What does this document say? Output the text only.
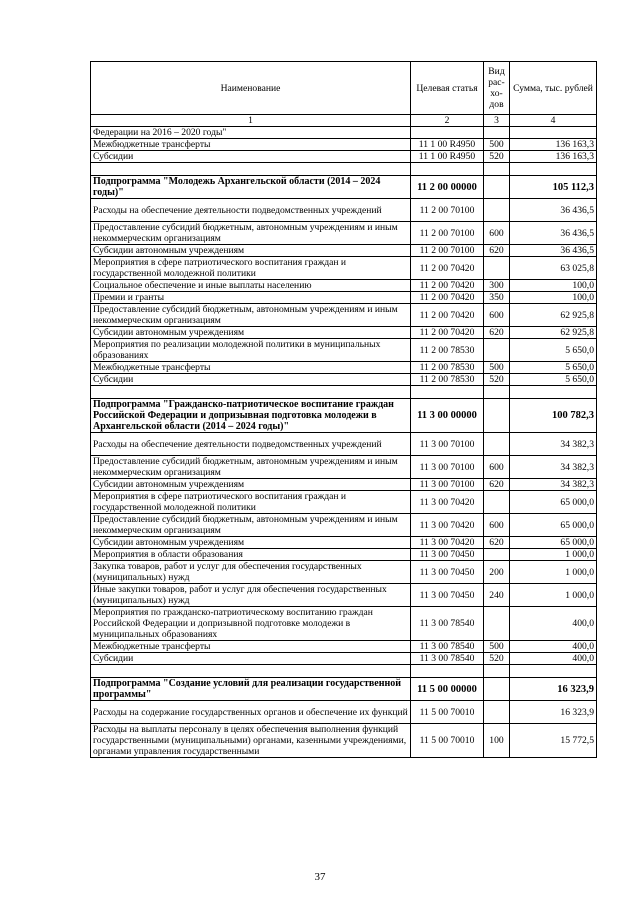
Наименование	Целевая статья	Вид рас-хо-дов	Сумма, тыс. рублей
1	2	3	4
Федерации на 2016 – 2020 годы"			
Межбюджетные трансферты	11 1 00 R4950	500	136 163,3
Субсидии	11 1 00 R4950	520	136 163,3

Подпрограмма "Молодежь Архангельской области (2014 – 2024 годы)"	11 2 00 00000		105 112,3
Расходы на обеспечение деятельности подведомственных учреждений	11 2 00 70100		36 436,5
Предоставление субсидий бюджетным, автономным учреждениям и иным некоммерческим организациям	11 2 00 70100	600	36 436,5
Субсидии автономным учреждениям	11 2 00 70100	620	36 436,5
Мероприятия в сфере патриотического воспитания граждан и государственной молодежной политики	11 2 00 70420		63 025,8
Социальное обеспечение и иные выплаты населению	11 2 00 70420	300	100,0
Премии и гранты	11 2 00 70420	350	100,0
Предоставление субсидий бюджетным, автономным учреждениям и иным некоммерческим организациям	11 2 00 70420	600	62 925,8
Субсидии автономным учреждениям	11 2 00 70420	620	62 925,8
Мероприятия по реализации молодежной политики в муниципальных образованиях	11 2 00 78530		5 650,0
Межбюджетные трансферты	11 2 00 78530	500	5 650,0
Субсидии	11 2 00 78530	520	5 650,0

Подпрограмма "Гражданско-патриотическое воспитание граждан Российской Федерации и допризывная подготовка молодежи в Архангельской области (2014 – 2024 годы)"	11 3 00 00000		100 782,3
Расходы на обеспечение деятельности подведомственных учреждений	11 3 00 70100		34 382,3
Предоставление субсидий бюджетным, автономным учреждениям и иным некоммерческим организациям	11 3 00 70100	600	34 382,3
Субсидии автономным учреждениям	11 3 00 70100	620	34 382,3
Мероприятия в сфере патриотического воспитания граждан и государственной молодежной политики	11 3 00 70420		65 000,0
Предоставление субсидий бюджетным, автономным учреждениям и иным некоммерческим организациям	11 3 00 70420	600	65 000,0
Субсидии автономным учреждениям	11 3 00 70420	620	65 000,0
Мероприятия в области образования	11 3 00 70450		1 000,0
Закупка товаров, работ и услуг для обеспечения государственных (муниципальных) нужд	11 3 00 70450	200	1 000,0
Иные закупки товаров, работ и услуг для обеспечения государственных (муниципальных) нужд	11 3 00 70450	240	1 000,0
Мероприятия по гражданско-патриотическому воспитанию граждан Российской Федерации и допризывной подготовке молодежи в муниципальных образованиях	11 3 00 78540		400,0
Межбюджетные трансферты	11 3 00 78540	500	400,0
Субсидии	11 3 00 78540	520	400,0

Подпрограмма "Создание условий для реализации государственной программы"	11 5 00 00000		16 323,9
Расходы на содержание государственных органов и обеспечение их функций	11 5 00 70010		16 323,9
Расходы на выплаты персоналу в целях обеспечения выполнения функций государственными (муниципальными) органами, казенными учреждениями, органами управления государственными	11 5 00 70010	100	15 772,5
37
